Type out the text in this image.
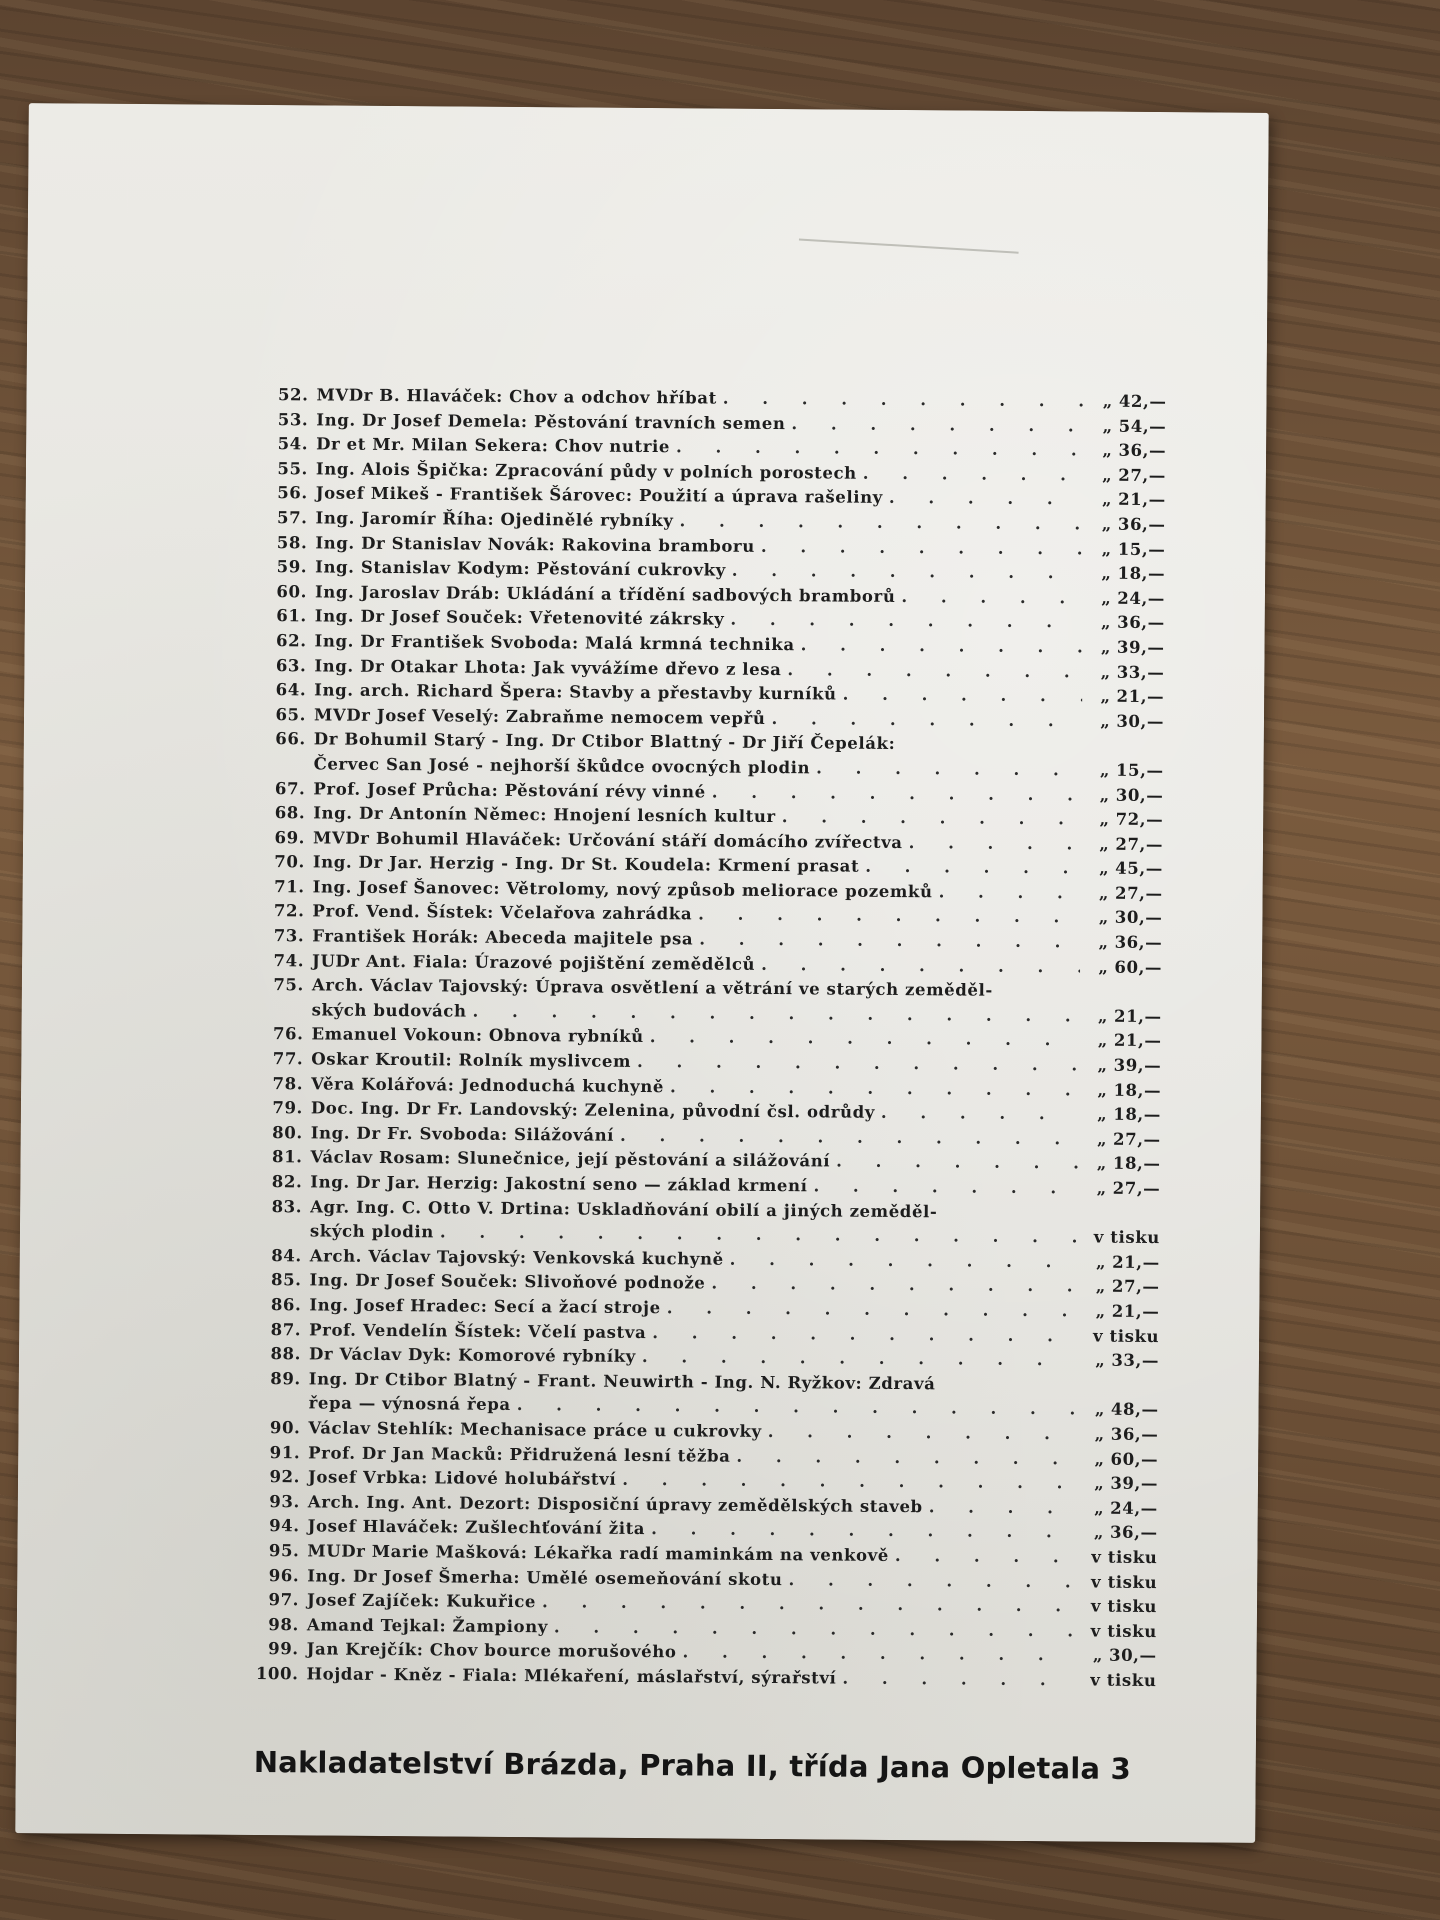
52. MVDr B. Hlaváček: Chov a odchov hříbat . . .	„ 42,—
53. Ing. Dr Josef Demela: Pěstování travních semen . . .	„ 54,—
54. Dr et Mr. Milan Sekera: Chov nutrie . . .	„ 36,—
55. Ing. Alois Špička: Zpracování půdy v polních porostech . . .	„ 27,—
56. Josef Mikeš - František Šárovec: Použití a úprava rašeliny . . .	„ 21,—
57. Ing. Jaromír Říha: Ojedinělé rybníky . . .	„ 36,—
58. Ing. Dr Stanislav Novák: Rakovina bramboru . . .	„ 15,—
59. Ing. Stanislav Kodym: Pěstování cukrovky . . .	„ 18,—
60. Ing. Jaroslav Dráb: Ukládání a třídění sadbových bramborů . . .	„ 24,—
61. Ing. Dr Josef Souček: Vřetenovité zákrsky . . .	„ 36,—
62. Ing. Dr František Svoboda: Malá krmná technika . . .	„ 39,—
63. Ing. Dr Otakar Lhota: Jak vyvážíme dřevo z lesa . . .	„ 33,—
64. Ing. arch. Richard Špera: Stavby a přestavby kurníků . . .	„ 21,—
65. MVDr Josef Veselý: Zabraňme nemocem vepřů . . .	„ 30,—
66. Dr Bohumil Starý - Ing. Dr Ctibor Blattný - Dr Jiří Čepelák:
Červec San José - nejhorší škůdce ovocných plodin . . .	„ 15,—
67. Prof. Josef Průcha: Pěstování révy vinné . . .	„ 30,—
68. Ing. Dr Antonín Němec: Hnojení lesních kultur . . .	„ 72,—
69. MVDr Bohumil Hlaváček: Určování stáří domácího zvířectva . . .	„ 27,—
70. Ing. Dr Jar. Herzig - Ing. Dr St. Koudela: Krmení prasat . . .	„ 45,—
71. Ing. Josef Šanovec: Větrolomy, nový způsob meliorace pozemků . . .	„ 27,—
72. Prof. Vend. Šístek: Včelařova zahrádka . . .	„ 30,—
73. František Horák: Abeceda majitele psa . . .	„ 36,—
74. JUDr Ant. Fiala: Úrazové pojištění zemědělců . . .	„ 60,—
75. Arch. Václav Tajovský: Úprava osvětlení a větrání ve starých zeměděl-
ských budovách . . .	„ 21,—
76. Emanuel Vokoun: Obnova rybníků . . .	„ 21,—
77. Oskar Kroutil: Rolník myslivcem . . .	„ 39,—
78. Věra Kolářová: Jednoduchá kuchyně . . .	„ 18,—
79. Doc. Ing. Dr Fr. Landovský: Zelenina, původní čsl. odrůdy . . .	„ 18,—
80. Ing. Dr Fr. Svoboda: Silážování . . .	„ 27,—
81. Václav Rosam: Slunečnice, její pěstování a silážování . . .	„ 18,—
82. Ing. Dr Jar. Herzig: Jakostní seno — základ krmení . . .	„ 27,—
83. Agr. Ing. C. Otto V. Drtina: Uskladňování obilí a jiných zeměděl-
ských plodin . . .	v tisku
84. Arch. Václav Tajovský: Venkovská kuchyně . . .	„ 21,—
85. Ing. Dr Josef Souček: Slivoňové podnože . . .	„ 27,—
86. Ing. Josef Hradec: Secí a žací stroje . . .	„ 21,—
87. Prof. Vendelín Šístek: Včelí pastva . . .	v tisku
88. Dr Václav Dyk: Komorové rybníky . . .	„ 33,—
89. Ing. Dr Ctibor Blatný - Frant. Neuwirth - Ing. N. Ryžkov: Zdravá
řepa — výnosná řepa . . .	„ 48,—
90. Václav Stehlík: Mechanisace práce u cukrovky . . .	„ 36,—
91. Prof. Dr Jan Macků: Přidružená lesní těžba . . .	„ 60,—
92. Josef Vrbka: Lidové holubářství . . .	„ 39,—
93. Arch. Ing. Ant. Dezort: Disposiční úpravy zemědělských staveb . . .	„ 24,—
94. Josef Hlaváček: Zušlechťování žita . . .	„ 36,—
95. MUDr Marie Mašková: Lékařka radí maminkám na venkově . . .	v tisku
96. Ing. Dr Josef Šmerha: Umělé osemeňování skotu . . .	v tisku
97. Josef Zajíček: Kukuřice . . .	v tisku
98. Amand Tejkal: Žampiony . . .	v tisku
99. Jan Krejčík: Chov bource morušového . . .	„ 30,—
100. Hojdar - Kněz - Fiala: Mlékaření, máslařství, sýrařství . . .	v tisku
Nakladatelství Brázda, Praha II, třída Jana Opletala 3
